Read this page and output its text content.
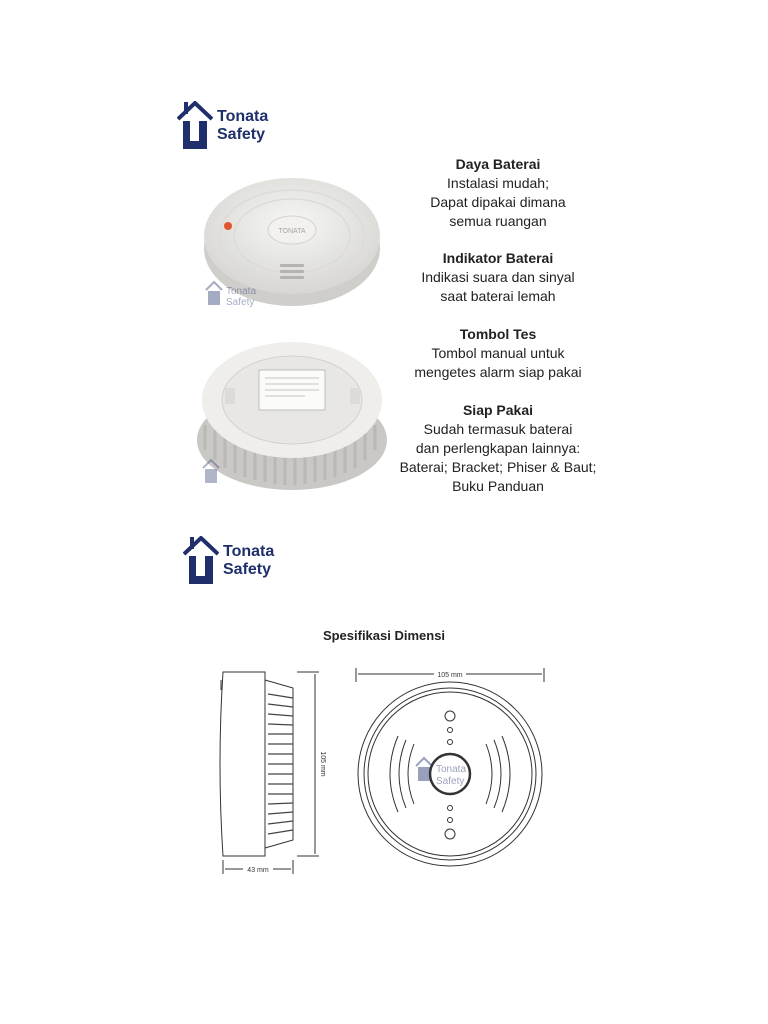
Tonata
Safety
TONATA
Tonata
Safety
Daya Baterai
Instalasi mudah;
Dapat dipakai dimana
semua ruangan
Indikator Baterai
Indikasi suara dan sinyal
saat baterai lemah
Tombol Tes
Tombol manual untuk
mengetes alarm siap pakai
Siap Pakai
Sudah termasuk baterai
dan perlengkapan lainnya:
Baterai; Bracket; Phiser & Baut;
Buku Panduan
Tonata
Safety
Spesifikasi Dimensi
105 mm
43 mm
105 mm
Tonata
Safety
